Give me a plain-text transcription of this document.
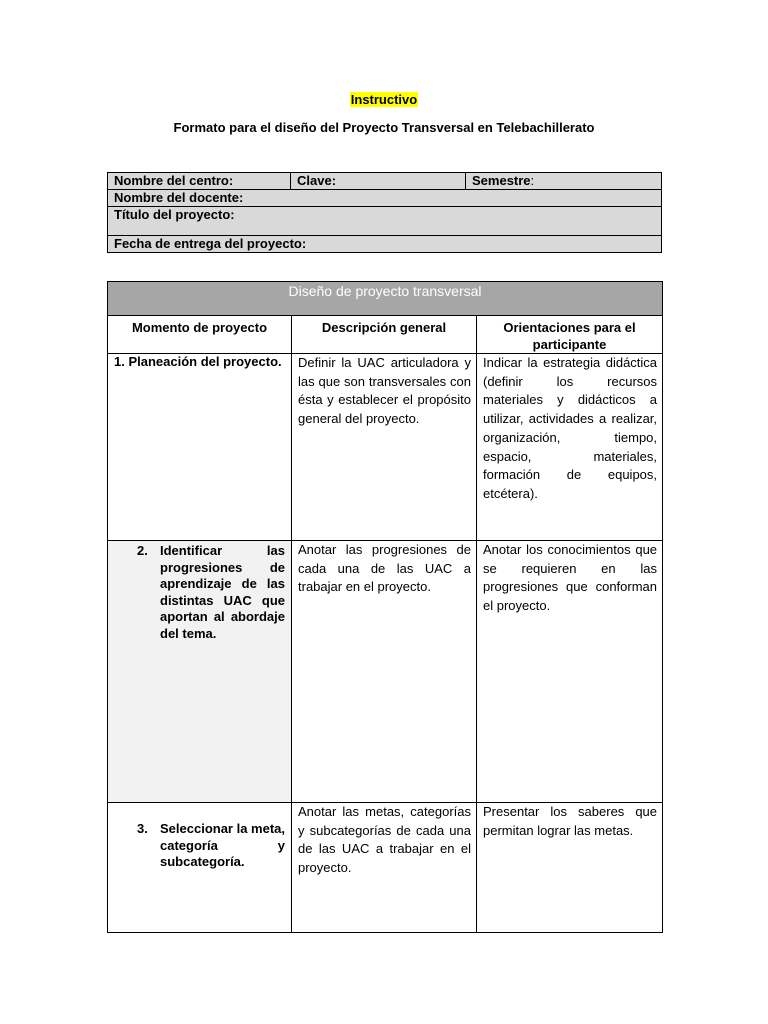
Instructivo
Formato para el diseño del Proyecto Transversal en Telebachillerato
Nombre del centro:	Clave:	Semestre:
Nombre del docente:
Título del proyecto:
Fecha de entrega del proyecto:
Diseño de proyecto transversal		
Momento de proyecto	Descripción general	Orientaciones para el participante

1. Planeación del proyecto.	Definir la UAC articuladora y las que son transversales con ésta y establecer el propósito general del proyecto.	Indicar la estrategia didáctica (definir los recursos materiales y didácticos a utilizar, actividades a realizar, organización, tiempo, espacio, materiales, formación de equipos, etcétera).

2. Identificar las progresiones de aprendizaje de las distintas UAC que aportan al abordaje del tema.	Anotar las progresiones de cada una de las UAC a trabajar en el proyecto.	Anotar los conocimientos que se requieren en las progresiones que conforman el proyecto.

3. Seleccionar la meta, categoría y subcategoría.	Anotar las metas, categorías y subcategorías de cada una de las UAC a trabajar en el proyecto.	Presentar los saberes que permitan lograr las metas.
